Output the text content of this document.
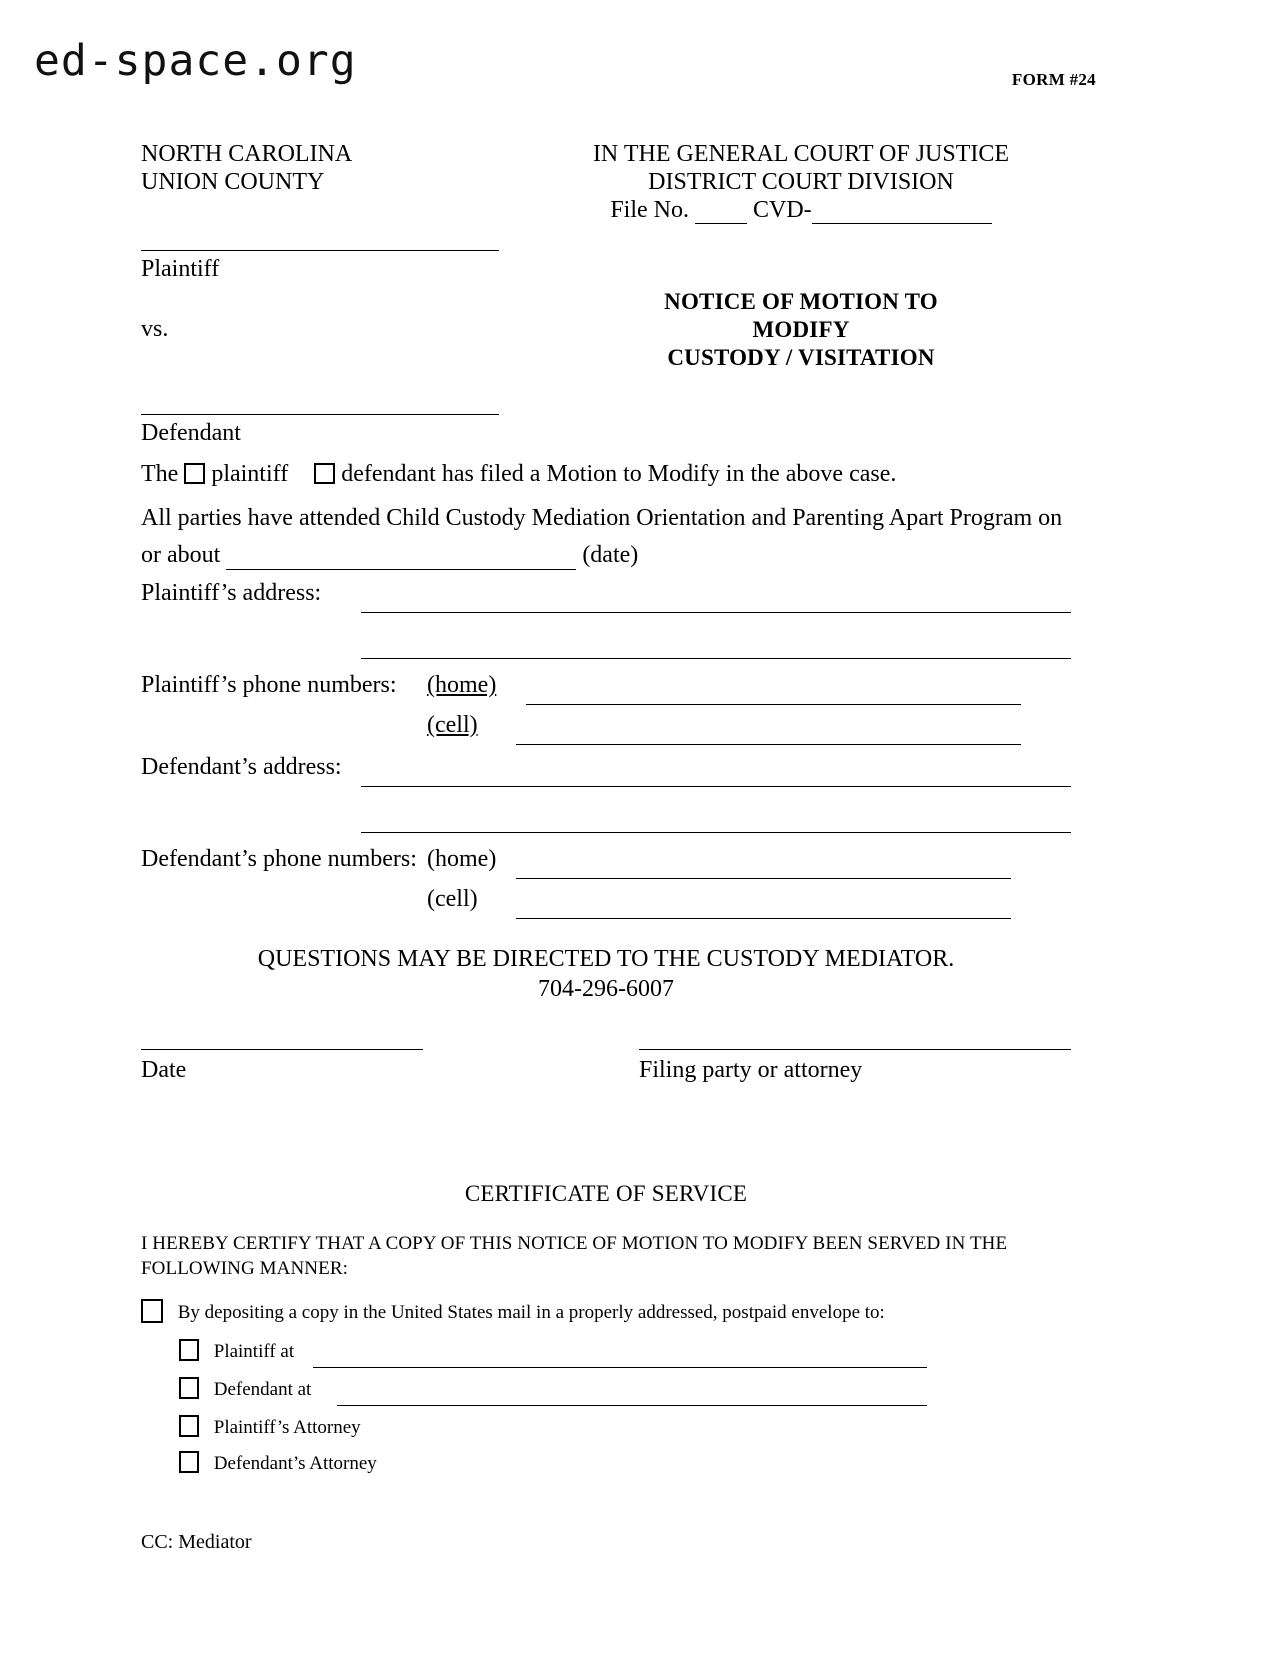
ed-space.org	FORM #24
NORTH CAROLINA
UNION COUNTY
IN THE GENERAL COURT OF JUSTICE
DISTRICT COURT DIVISION
File No.	CVD-
Plaintiff
vs.
Defendant
NOTICE OF MOTION TO
MODIFY
CUSTODY / VISITATION
The plaintiff defendant has filed a Motion to Modify in the above case.
All parties have attended Child Custody Mediation Orientation and Parenting Apart Program on
or about	(date)
Plaintiff’s address:
Plaintiff’s phone numbers: (home)
(cell)
Defendant’s address:
Defendant’s phone numbers: (home)
(cell)
QUESTIONS MAY BE DIRECTED TO THE CUSTODY MEDIATOR.
704-296-6007
Date	Filing party or attorney
CERTIFICATE OF SERVICE
I HEREBY CERTIFY THAT A COPY OF THIS NOTICE OF MOTION TO MODIFY BEEN SERVED IN THE
FOLLOWING MANNER:
By depositing a copy in the United States mail in a properly addressed, postpaid envelope to:
Plaintiff at
Defendant at
Plaintiff’s Attorney
Defendant’s Attorney
CC: Mediator
